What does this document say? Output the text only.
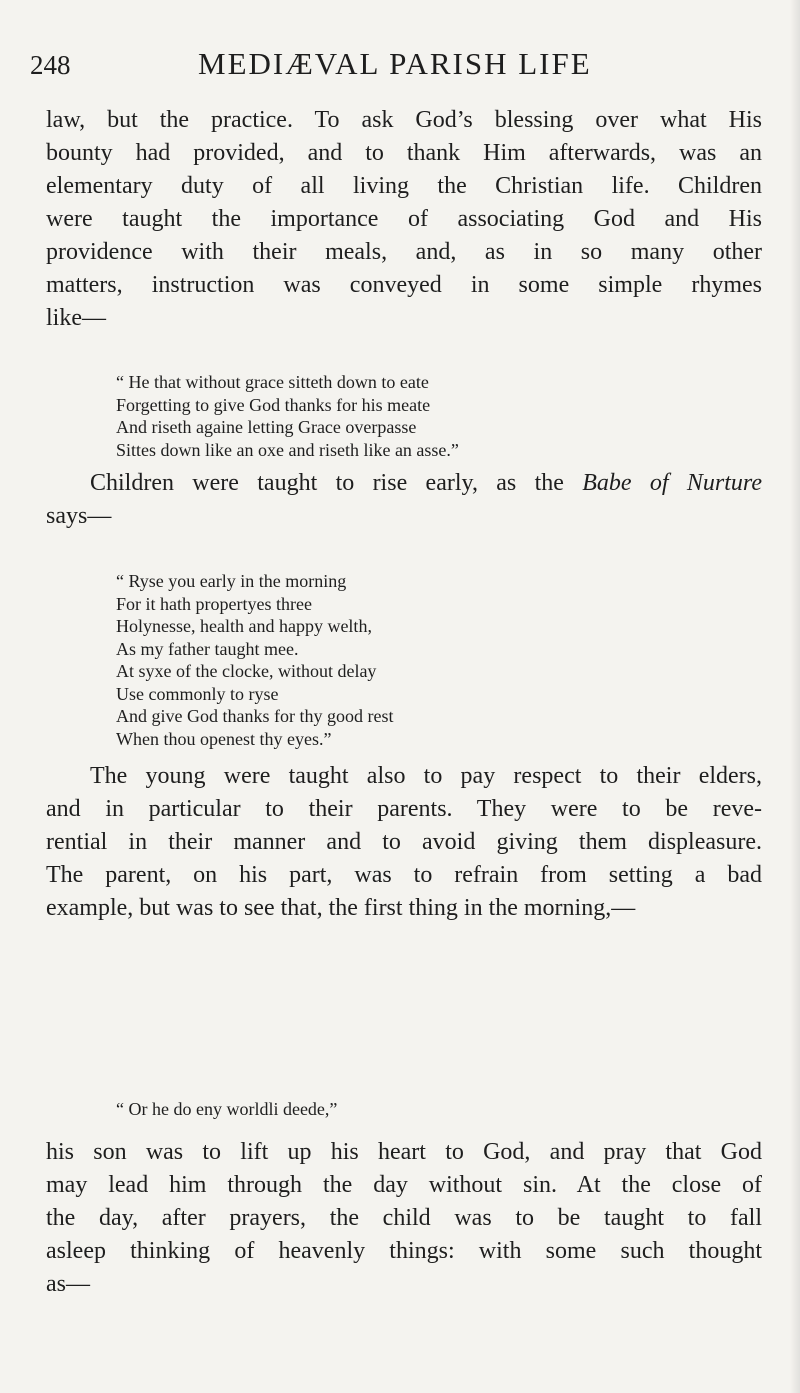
248	MEDIÆVAL PARISH LIFE

law, but the practice. To ask God’s blessing over what His
bounty had provided, and to thank Him afterwards, was an
elementary duty of all living the Christian life. Children
were taught the importance of associating God and His
providence with their meals, and, as in so many other
matters, instruction was conveyed in some simple rhymes
like—

“ He that without grace sitteth down to eate
Forgetting to give God thanks for his meate
And riseth againe letting Grace overpasse
Sittes down like an oxe and riseth like an asse.”

Children were taught to rise early, as the Babe of Nurture
says—

“ Ryse you early in the morning
For it hath propertyes three
Holynesse, health and happy welth,
As my father taught mee.
At syxe of the clocke, without delay
Use commonly to ryse
And give God thanks for thy good rest
When thou openest thy eyes.”

The young were taught also to pay respect to their elders,
and in particular to their parents. They were to be reve-
rential in their manner and to avoid giving them displeasure.
The parent, on his part, was to refrain from setting a bad
example, but was to see that, the first thing in the morning,—

“ Or he do eny worldli deede,”

his son was to lift up his heart to God, and pray that God
may lead him through the day without sin. At the close of
the day, after prayers, the child was to be taught to fall
asleep thinking of heavenly things: with some such thought
as—
